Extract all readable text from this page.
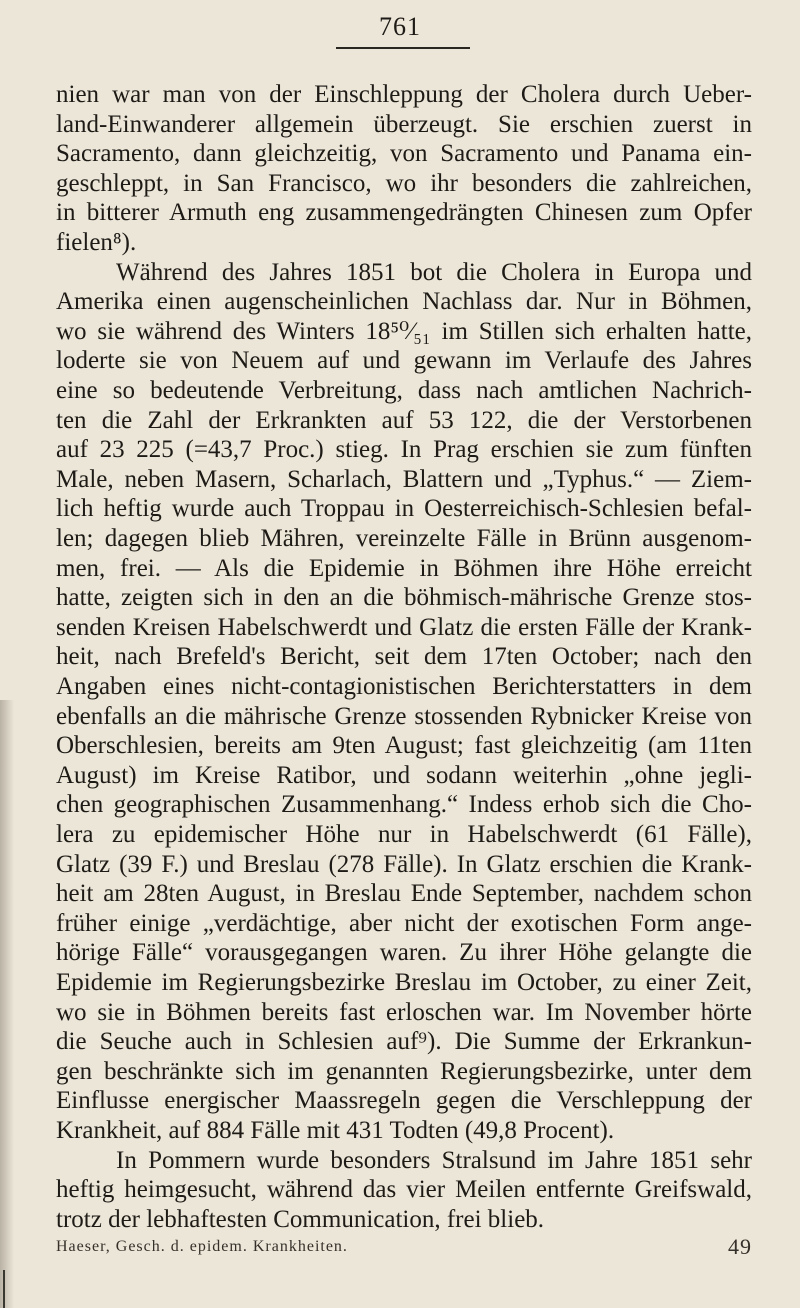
761
nien war man von der Einschleppung der Cholera durch Ueber-
land-Einwanderer allgemein überzeugt. Sie erschien zuerst in
Sacramento, dann gleichzeitig, von Sacramento und Panama ein-
geschleppt, in San Francisco, wo ihr besonders die zahlreichen,
in bitterer Armuth eng zusammengedrängten Chinesen zum Opfer
fielen⁸).
Während des Jahres 1851 bot die Cholera in Europa und
Amerika einen augenscheinlichen Nachlass dar. Nur in Böhmen,
wo sie während des Winters 18⁵⁰⁄₅₁ im Stillen sich erhalten hatte,
loderte sie von Neuem auf und gewann im Verlaufe des Jahres
eine so bedeutende Verbreitung, dass nach amtlichen Nachrich-
ten die Zahl der Erkrankten auf 53 122, die der Verstorbenen
auf 23 225 (=43,7 Proc.) stieg. In Prag erschien sie zum fünften
Male, neben Masern, Scharlach, Blattern und „Typhus.“ — Ziem-
lich heftig wurde auch Troppau in Oesterreichisch-Schlesien befal-
len; dagegen blieb Mähren, vereinzelte Fälle in Brünn ausgenom-
men, frei. — Als die Epidemie in Böhmen ihre Höhe erreicht
hatte, zeigten sich in den an die böhmisch-mährische Grenze stos-
senden Kreisen Habelschwerdt und Glatz die ersten Fälle der Krank-
heit, nach Brefeld's Bericht, seit dem 17ten October; nach den
Angaben eines nicht-contagionistischen Berichterstatters in dem
ebenfalls an die mährische Grenze stossenden Rybnicker Kreise von
Oberschlesien, bereits am 9ten August; fast gleichzeitig (am 11ten
August) im Kreise Ratibor, und sodann weiterhin „ohne jegli-
chen geographischen Zusammenhang.“ Indess erhob sich die Cho-
lera zu epidemischer Höhe nur in Habelschwerdt (61 Fälle),
Glatz (39 F.) und Breslau (278 Fälle). In Glatz erschien die Krank-
heit am 28ten August, in Breslau Ende September, nachdem schon
früher einige „verdächtige, aber nicht der exotischen Form ange-
hörige Fälle“ vorausgegangen waren. Zu ihrer Höhe gelangte die
Epidemie im Regierungsbezirke Breslau im October, zu einer Zeit,
wo sie in Böhmen bereits fast erloschen war. Im November hörte
die Seuche auch in Schlesien auf⁹). Die Summe der Erkrankun-
gen beschränkte sich im genannten Regierungsbezirke, unter dem
Einflusse energischer Maassregeln gegen die Verschleppung der
Krankheit, auf 884 Fälle mit 431 Todten (49,8 Procent).
In Pommern wurde besonders Stralsund im Jahre 1851 sehr
heftig heimgesucht, während das vier Meilen entfernte Greifswald,
trotz der lebhaftesten Communication, frei blieb.
Haeser, Gesch. d. epidem. Krankheiten.	49
